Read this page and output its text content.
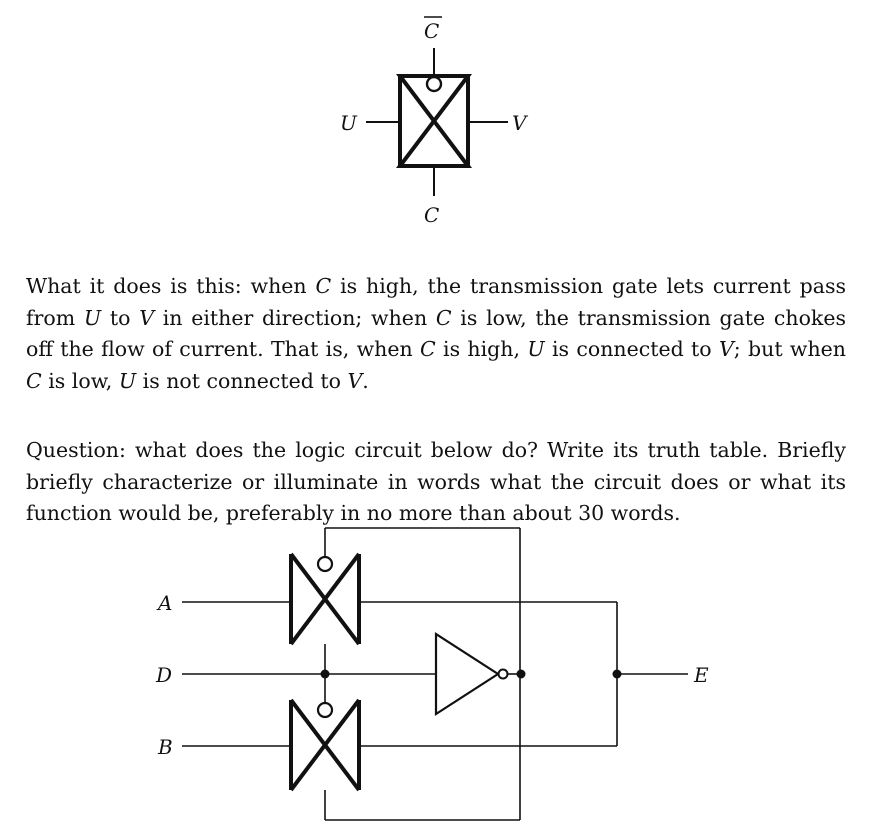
C
U	V
C

What it does is this: when C is high, the transmission gate lets current pass from U to V in either direction; when C is low, the transmission gate chokes off the flow of current. That is, when C is high, U is connected to V; but when C is low, U is not connected to V.

Question: what does the logic circuit below do? Write its truth table. Briefly briefly characterize or illuminate in words what the circuit does or what its function would be, preferably in no more than about 30 words.

A
D
B
E
